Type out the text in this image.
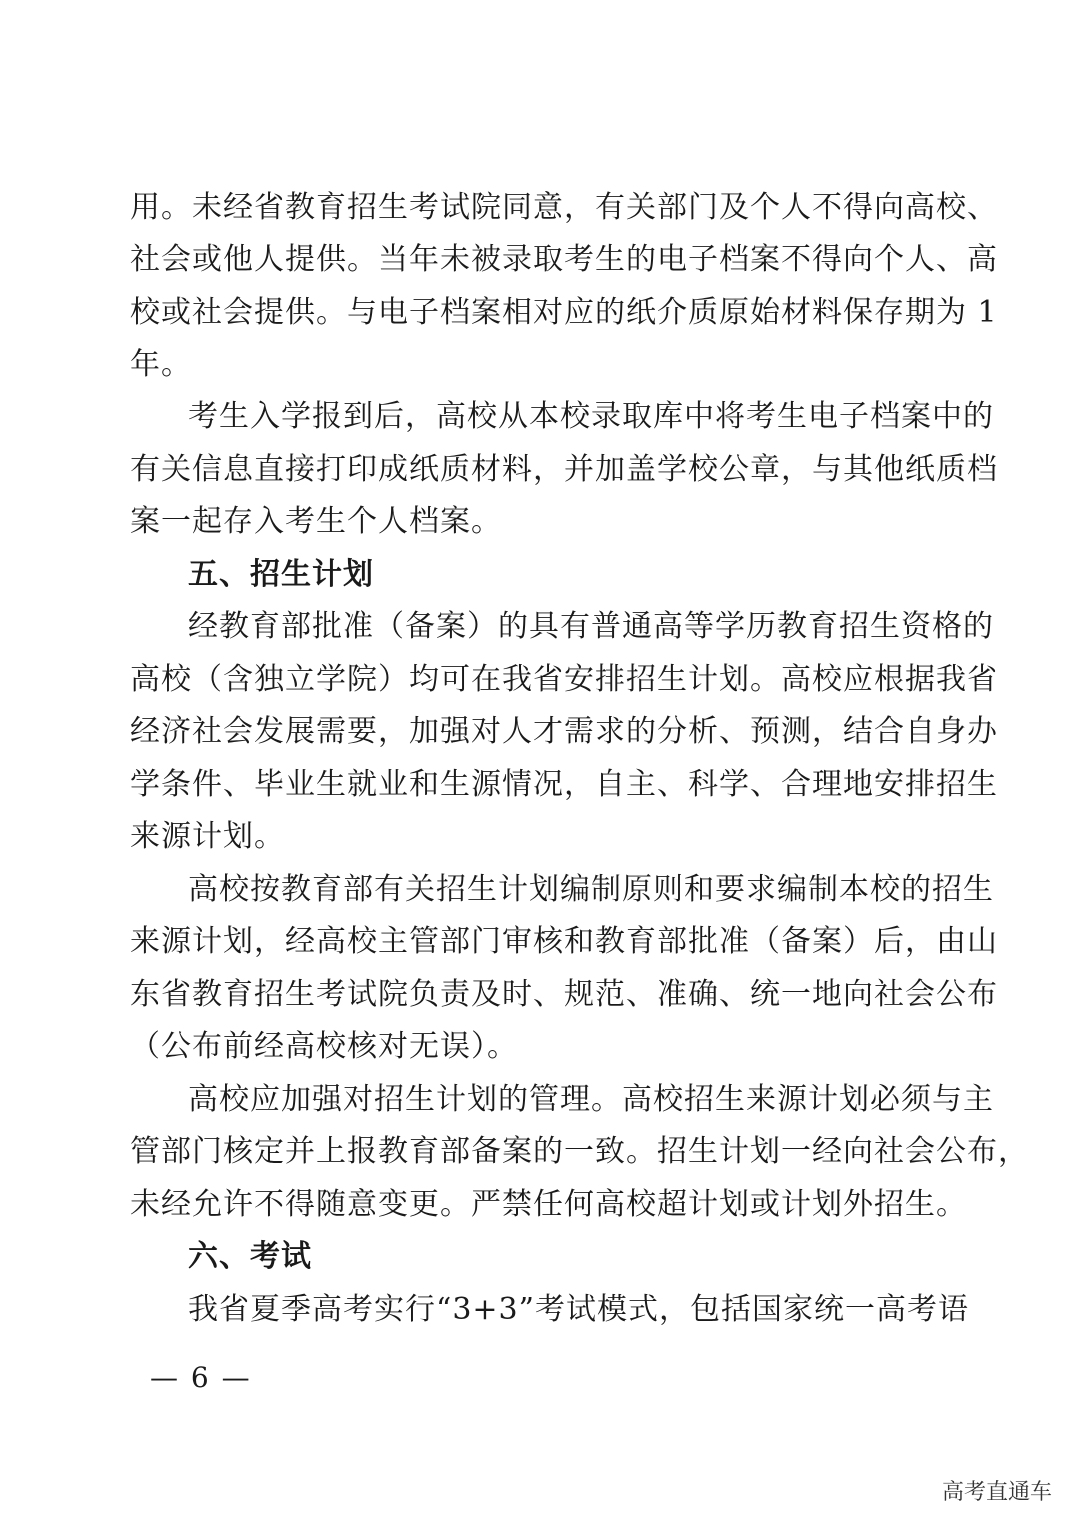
用。未经省教育招生考试院同意，有关部门及个人不得向高校、
社会或他人提供。当年未被录取考生的电子档案不得向个人、高
校或社会提供。与电子档案相对应的纸介质原始材料保存期为 1
年。
考生入学报到后，高校从本校录取库中将考生电子档案中的
有关信息直接打印成纸质材料，并加盖学校公章，与其他纸质档
案一起存入考生个人档案。
五、招生计划
经教育部批准（备案）的具有普通高等学历教育招生资格的
高校（含独立学院）均可在我省安排招生计划。高校应根据我省
经济社会发展需要，加强对人才需求的分析、预测，结合自身办
学条件、毕业生就业和生源情况，自主、科学、合理地安排招生
来源计划。
高校按教育部有关招生计划编制原则和要求编制本校的招生
来源计划，经高校主管部门审核和教育部批准（备案）后，由山
东省教育招生考试院负责及时、规范、准确、统一地向社会公布
（公布前经高校核对无误）。
高校应加强对招生计划的管理。高校招生来源计划必须与主
管部门核定并上报教育部备案的一致。招生计划一经向社会公布，
未经允许不得随意变更。严禁任何高校超计划或计划外招生。
六、考试
我省夏季高考实行“3+3”考试模式，包括国家统一高考语
— 6 —
高考直通车
